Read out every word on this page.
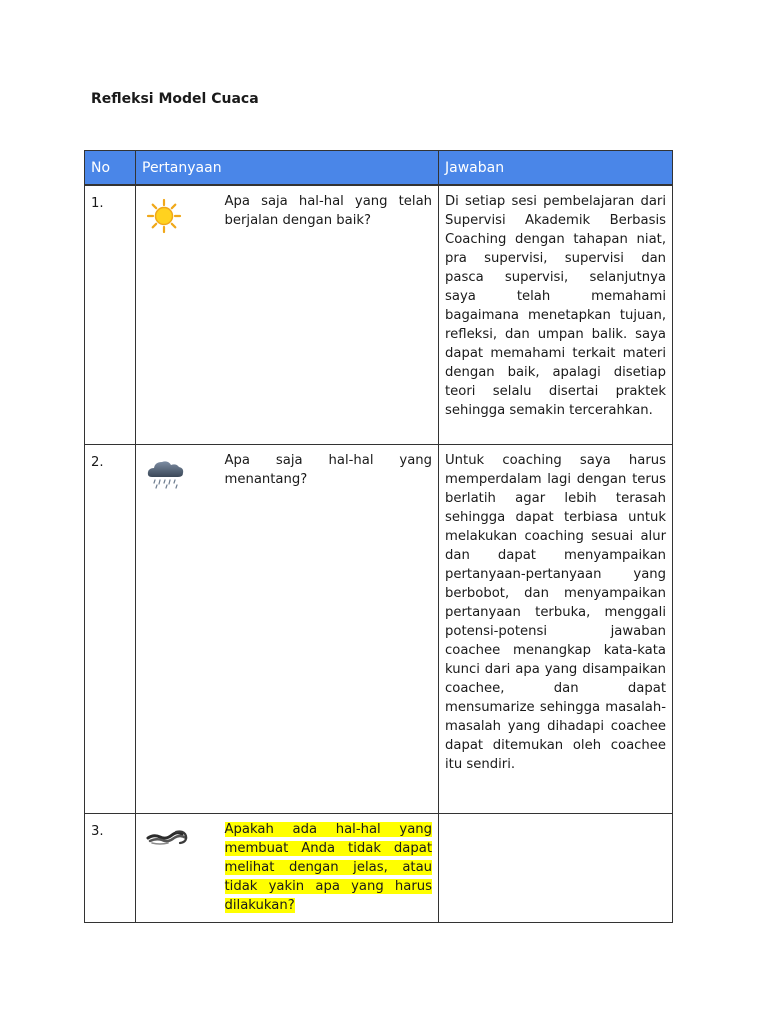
Refleksi Model Cuaca
No	Pertanyaan		Jawaban
1.		Apa saja hal-hal yang telah berjalan dengan baik?	Di setiap sesi pembelajaran dari Supervisi Akademik Berbasis Coaching dengan tahapan niat, pra supervisi, supervisi dan pasca supervisi, selanjutnya saya telah memahami bagaimana menetapkan tujuan, refleksi, dan umpan balik. saya dapat memahami terkait materi dengan baik, apalagi disetiap teori selalu disertai praktek sehingga semakin tercerahkan.
2.		Apa saja hal-hal yang menantang?	Untuk coaching saya harus memperdalam lagi dengan terus berlatih agar lebih terasah sehingga dapat terbiasa untuk melakukan coaching sesuai alur dan dapat menyampaikan pertanyaan-pertanyaan yang berbobot, dan menyampaikan pertanyaan terbuka, menggali potensi-potensi jawaban coachee menangkap kata-kata kunci dari apa yang disampaikan coachee, dan dapat mensumarize sehingga masalah-masalah yang dihadapi coachee dapat ditemukan oleh coachee itu sendiri.
3.		Apakah ada hal-hal yang membuat Anda tidak dapat melihat dengan jelas, atau tidak yakin apa yang harus dilakukan?	
